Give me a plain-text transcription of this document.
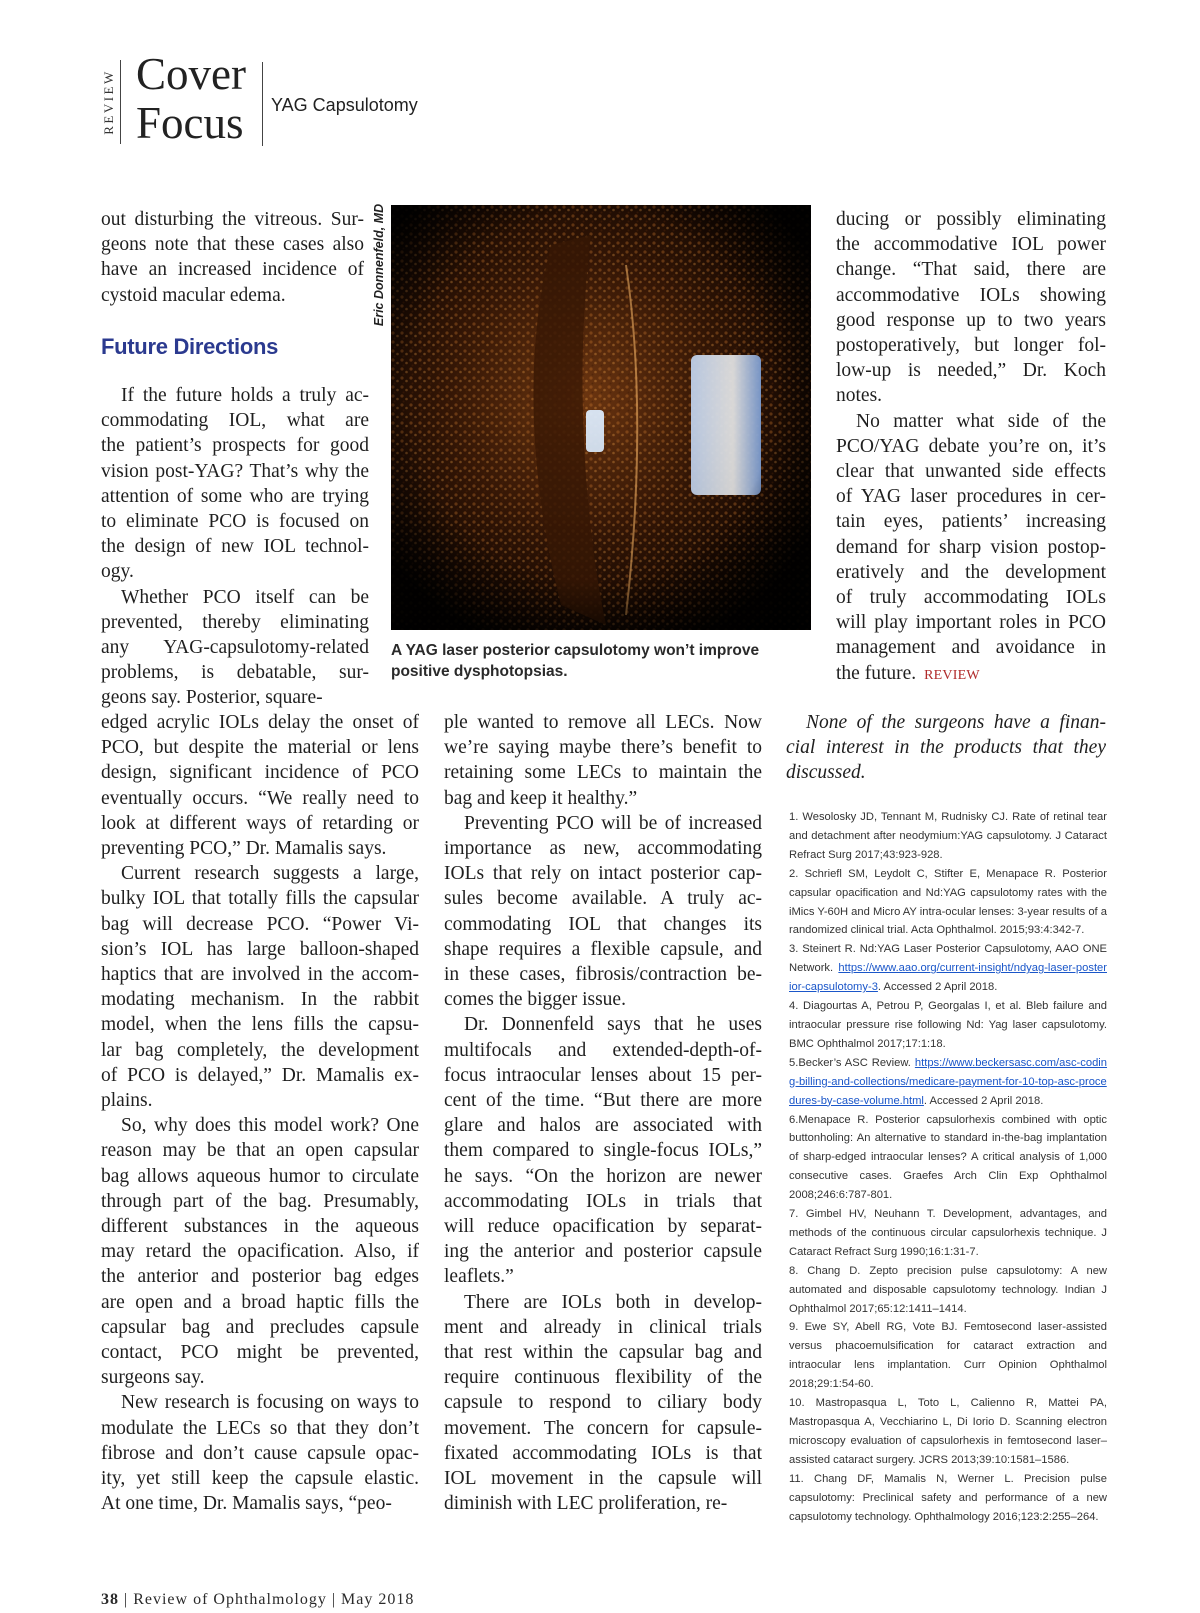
REVIEW Cover
Focus YAG Capsulotomy
out disturbing the vitreous. Sur-
geons note that these cases also
have an increased incidence of
cystoid macular edema.
Future Directions
If the future holds a truly ac-
commodating IOL, what are
the patient’s prospects for good
vision post-YAG? That’s why the
attention of some who are trying
to eliminate PCO is focused on
the design of new IOL technol-
ogy.
Whether PCO itself can be
prevented, thereby eliminating
any YAG-capsulotomy-related
problems, is debatable, sur-
geons say. Posterior, square-
edged acrylic IOLs delay the onset of
PCO, but despite the material or lens
design, significant incidence of PCO
eventually occurs. “We really need to
look at different ways of retarding or
preventing PCO,” Dr. Mamalis says.
Current research suggests a large,
bulky IOL that totally fills the capsular
bag will decrease PCO. “Power Vi-
sion’s IOL has large balloon-shaped
haptics that are involved in the accom-
modating mechanism. In the rabbit
model, when the lens fills the capsu-
lar bag completely, the development
of PCO is delayed,” Dr. Mamalis ex-
plains.
So, why does this model work? One
reason may be that an open capsular
bag allows aqueous humor to circulate
through part of the bag. Presumably,
different substances in the aqueous
may retard the opacification. Also, if
the anterior and posterior bag edges
are open and a broad haptic fills the
capsular bag and precludes capsule
contact, PCO might be prevented,
surgeons say.
New research is focusing on ways to
modulate the LECs so that they don’t
fibrose and don’t cause capsule opac-
ity, yet still keep the capsule elastic.
At one time, Dr. Mamalis says, “peo-
Eric Donnenfeld, MD
A YAG laser posterior capsulotomy won’t improve positive dysphotopsias.
ple wanted to remove all LECs. Now
we’re saying maybe there’s benefit to
retaining some LECs to maintain the
bag and keep it healthy.”
Preventing PCO will be of increased
importance as new, accommodating
IOLs that rely on intact posterior cap-
sules become available. A truly ac-
commodating IOL that changes its
shape requires a flexible capsule, and
in these cases, fibrosis/contraction be-
comes the bigger issue.
Dr. Donnenfeld says that he uses
multifocals and extended-depth-of-
focus intraocular lenses about 15 per-
cent of the time. “But there are more
glare and halos are associated with
them compared to single-focus IOLs,”
he says. “On the horizon are newer
accommodating IOLs in trials that
will reduce opacification by separat-
ing the anterior and posterior capsule
leaflets.”
There are IOLs both in develop-
ment and already in clinical trials
that rest within the capsular bag and
require continuous flexibility of the
capsule to respond to ciliary body
movement. The concern for capsule-
fixated accommodating IOLs is that
IOL movement in the capsule will
diminish with LEC proliferation, re-
ducing or possibly eliminating
the accommodative IOL power
change. “That said, there are
accommodative IOLs showing
good response up to two years
postoperatively, but longer fol-
low-up is needed,” Dr. Koch
notes.
No matter what side of the
PCO/YAG debate you’re on, it’s
clear that unwanted side effects
of YAG laser procedures in cer-
tain eyes, patients’ increasing
demand for sharp vision postop-
eratively and the development
of truly accommodating IOLs
will play important roles in PCO
management and avoidance in
the future. REVIEW
None of the surgeons have a finan-
cial interest in the products that they
discussed.

1. Wesolosky JD, Tennant M, Rudnisky CJ. Rate of retinal tear and detachment after neodymium:YAG capsulotomy. J Cataract Refract Surg 2017;43:923-928.

2. Schriefl SM, Leydolt C, Stifter E, Menapace R. Posterior capsular opacification and Nd:YAG capsulotomy rates with the iMics Y-60H and Micro AY intra-ocular lenses: 3-year results of a randomized clinical trial. Acta Ophthalmol. 2015;93:4:342-7.

3. Steinert R. Nd:YAG Laser Posterior Capsulotomy, AAO ONE Network. https://www.aao.org/current-insight/ndyag-laser-posterior-capsulotomy-3. Accessed 2 April 2018.

4. Diagourtas A, Petrou P, Georgalas I, et al. Bleb failure and intraocular pressure rise following Nd: Yag laser capsulotomy. BMC Ophthalmol 2017;17:1:18.

5.Becker’s ASC Review. https://www.beckersasc.com/asc-coding-billing-and-collections/medicare-payment-for-10-top-asc-procedures-by-case-volume.html. Accessed 2 April 2018.

6.Menapace R. Posterior capsulorhexis combined with optic buttonholing: An alternative to standard in-the-bag implantation of sharp-edged intraocular lenses? A critical analysis of 1,000 consecutive cases. Graefes Arch Clin Exp Ophthalmol 2008;246:6:787-801.

7. Gimbel HV, Neuhann T. Development, advantages, and methods of the continuous circular capsulorhexis technique. J Cataract Refract Surg 1990;16:1:31-7.

8. Chang D. Zepto precision pulse capsulotomy: A new automated and disposable capsulotomy technology. Indian J Ophthalmol 2017;65:12:1411–1414.

9. Ewe SY, Abell RG, Vote BJ. Femtosecond laser-assisted versus phacoemulsification for cataract extraction and intraocular lens implantation. Curr Opinion Ophthalmol 2018;29:1:54-60.

10. Mastropasqua L, Toto L, Calienno R, Mattei PA, Mastropasqua A, Vecchiarino L, Di Iorio D. Scanning electron microscopy evaluation of capsulorhexis in femtosecond laser–assisted cataract surgery. JCRS 2013;39:10:1581–1586.

11. Chang DF, Mamalis N, Werner L. Precision pulse capsulotomy: Preclinical safety and performance of a new capsulotomy technology. Ophthalmology 2016;123:2:255–264.

38 | Review of Ophthalmology | May 2018
